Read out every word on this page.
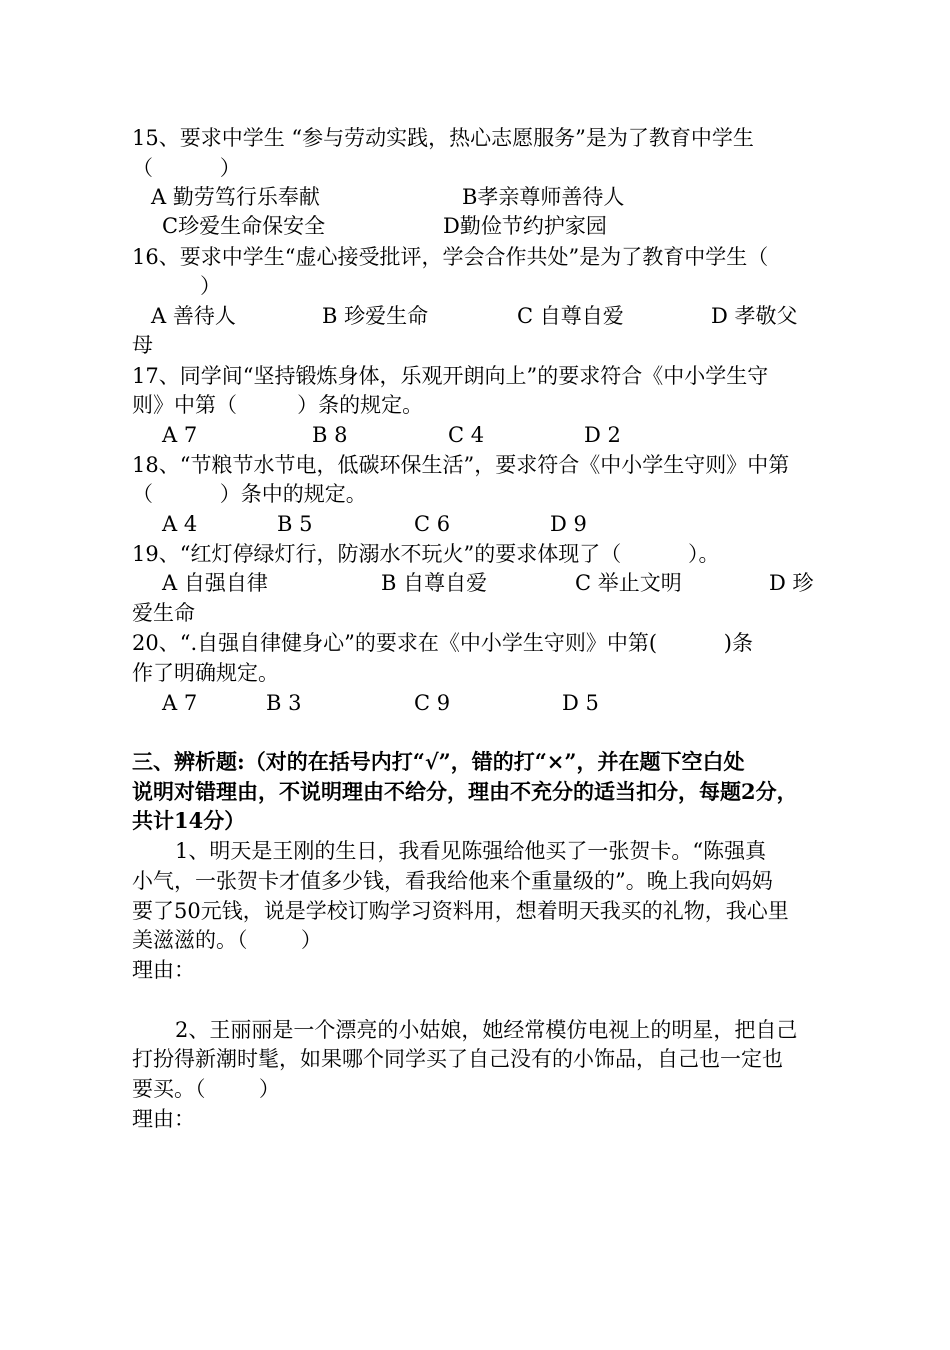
15、要求中学生 “参与劳动实践，热心志愿服务”是为了教育中学生
（          ）
A 勤劳笃行乐奉献	B孝亲尊师善待人
C珍爱生命保安全	D勤俭节约护家园
16、要求中学生“虚心接受批评，学会合作共处”是为了教育中学生（
）
A 善待人	B 珍爱生命	C 自尊自爱	D 孝敬父
母
17、同学间“坚持锻炼身体，乐观开朗向上”的要求符合《中小学生守
则》中第（         ）条的规定。
A 7	B 8	C 4	D 2
18、“节粮节水节电，低碳环保生活”，要求符合《中小学生守则》中第
（          ）条中的规定。
A 4	B 5	C 6	D 9
19、“红灯停绿灯行，防溺水不玩火”的要求体现了（          ）。
A 自强自律	B 自尊自爱	C 举止文明	D 珍
爱生命
20、“.自强自律健身心”的要求在《中小学生守则》中第(          )条
作了明确规定。
A 7	B 3	C 9	D 5
三、辨析题:（对的在括号内打“√”，错的打“×”，并在题下空白处
说明对错理由，不说明理由不给分，理由不充分的适当扣分，每题2分，
共计14分）
1、明天是王刚的生日，我看见陈强给他买了一张贺卡。“陈强真
小气，一张贺卡才值多少钱，看我给他来个重量级的”。晚上我向妈妈
要了50元钱，说是学校订购学习资料用，想着明天我买的礼物，我心里
美滋滋的。（        ）
理由：
2、王丽丽是一个漂亮的小姑娘，她经常模仿电视上的明星，把自己
打扮得新潮时髦，如果哪个同学买了自己没有的小饰品，自己也一定也
要买。（        ）
理由：
